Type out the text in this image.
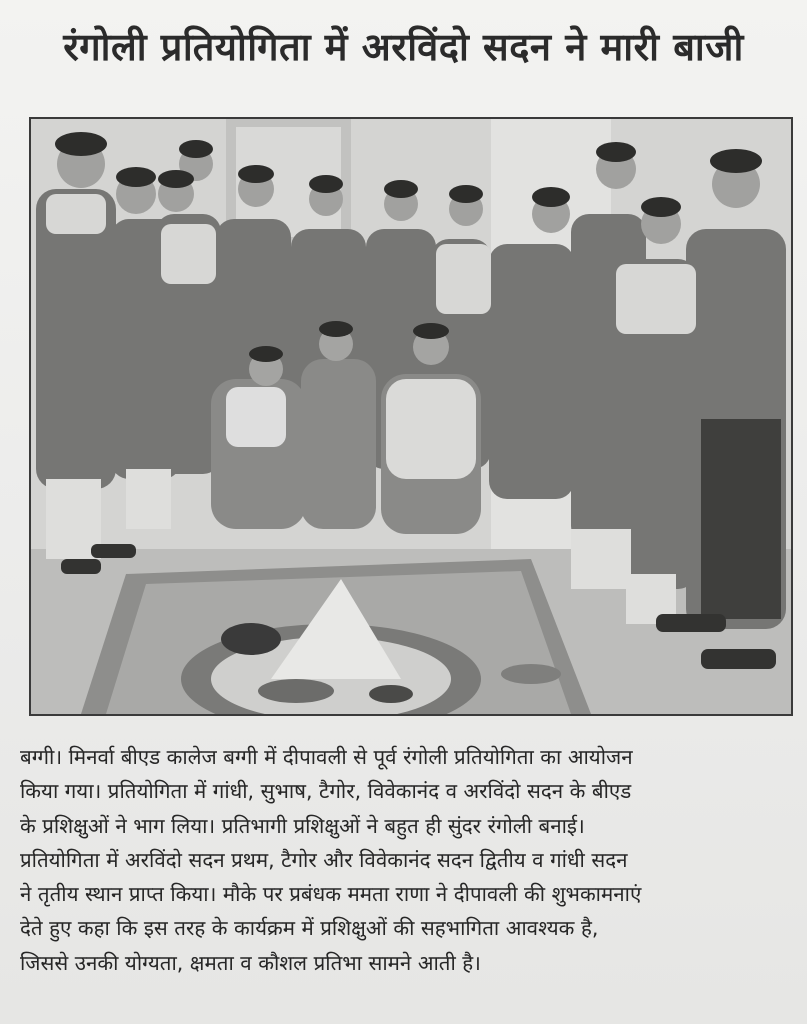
रंगोली प्रतियोगिता में अरविंदो सदन ने मारी बाजी
बग्गी। मिनर्वा बीएड कालेज बग्गी में दीपावली से पूर्व रंगोली प्रतियोगिता का आयोजन
किया गया। प्रतियोगिता में गांधी, सुभाष, टैगोर, विवेकानंद व अरविंदो सदन के बीएड
के प्रशिक्षुओं ने भाग लिया। प्रतिभागी प्रशिक्षुओं ने बहुत ही सुंदर रंगोली बनाई।
प्रतियोगिता में अरविंदो सदन प्रथम, टैगोर और विवेकानंद सदन द्वितीय व गांधी सदन
ने तृतीय स्थान प्राप्त किया। मौके पर प्रबंधक ममता राणा ने दीपावली की शुभकामनाएं
देते हुए कहा कि इस तरह के कार्यक्रम में प्रशिक्षुओं की सहभागिता आवश्यक है,
जिससे उनकी योग्यता, क्षमता व कौशल प्रतिभा सामने आती है।
